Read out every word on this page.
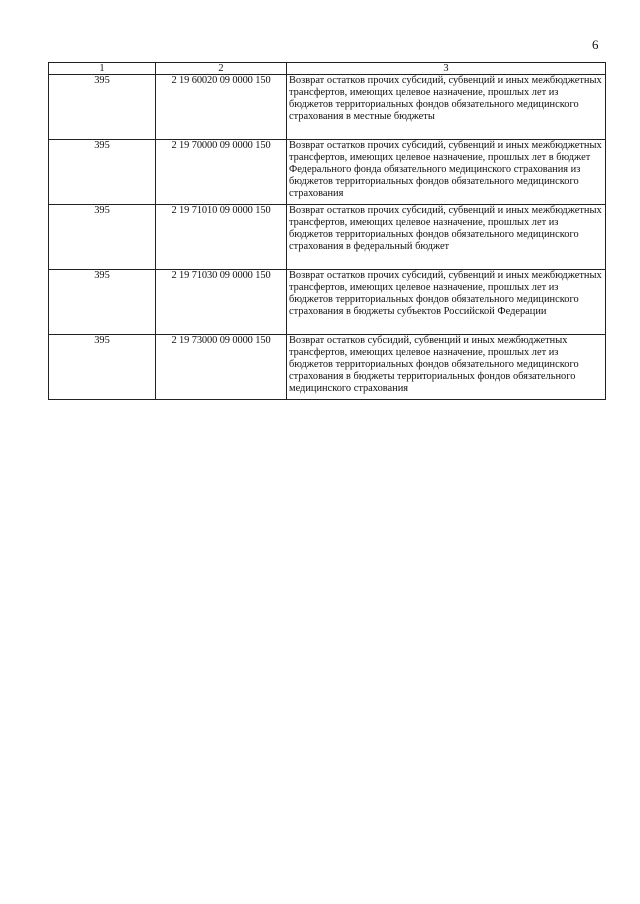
6
1	2	3
395	2 19 60020 09 0000 150	Возврат остатков прочих субсидий, субвенций и иных межбюджетных трансфертов, имеющих целевое назначение, прошлых лет из бюджетов территориальных фондов обязательного медицинского страхования в местные бюджеты
395	2 19 70000 09 0000 150	Возврат остатков прочих субсидий, субвенций и иных межбюджетных трансфертов, имеющих целевое назначение, прошлых лет в бюджет Федерального фонда обязательного медицинского страхования из бюджетов территориальных фондов обязательного медицинского страхования
395	2 19 71010 09 0000 150	Возврат остатков прочих субсидий, субвенций и иных межбюджетных трансфертов, имеющих целевое назначение, прошлых лет из бюджетов территориальных фондов обязательного медицинского страхования в федеральный бюджет
395	2 19 71030 09 0000 150	Возврат остатков прочих субсидий, субвенций и иных межбюджетных трансфертов, имеющих целевое назначение, прошлых лет из бюджетов территориальных фондов обязательного медицинского страхования в бюджеты субъектов Российской Федерации
395	2 19 73000 09 0000 150	Возврат остатков субсидий, субвенций и иных межбюджетных трансфертов, имеющих целевое назначение, прошлых лет из бюджетов территориальных фондов обязательного медицинского страхования в бюджеты территориальных фондов обязательного медицинского страхования
